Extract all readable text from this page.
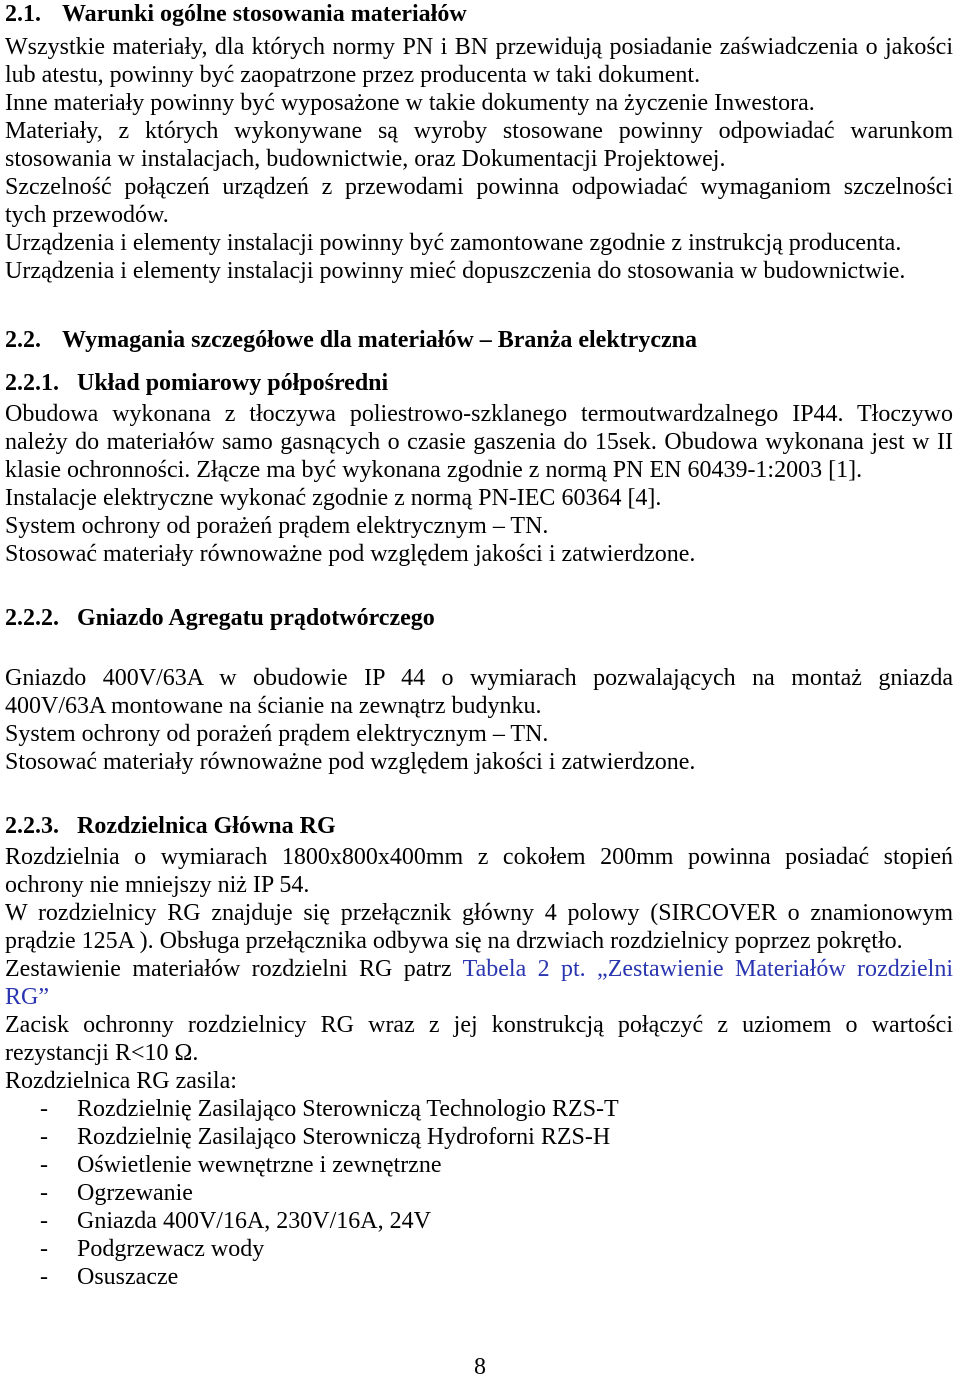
2.1. Warunki ogólne stosowania materiałów
Wszystkie materiały, dla których normy PN i BN przewidują posiadanie zaświadczenia o jakości
lub atestu, powinny być zaopatrzone przez producenta w taki dokument.
Inne materiały powinny być wyposażone w takie dokumenty na życzenie Inwestora.
Materiały, z których wykonywane są wyroby stosowane powinny odpowiadać warunkom
stosowania w instalacjach, budownictwie, oraz Dokumentacji Projektowej.
Szczelność połączeń urządzeń z przewodami powinna odpowiadać wymaganiom szczelności
tych przewodów.
Urządzenia i elementy instalacji powinny być zamontowane zgodnie z instrukcją producenta.
Urządzenia i elementy instalacji powinny mieć dopuszczenia do stosowania w budownictwie.
2.2. Wymagania szczegółowe dla materiałów – Branża elektryczna
2.2.1. Układ pomiarowy półpośredni
Obudowa wykonana z tłoczywa poliestrowo-szklanego termoutwardzalnego IP44. Tłoczywo
należy do materiałów samo gasnących o czasie gaszenia do 15sek. Obudowa wykonana jest w II
klasie ochronności. Złącze ma być wykonana zgodnie z normą PN EN 60439-1:2003 [1].
Instalacje elektryczne wykonać zgodnie z normą PN-IEC 60364 [4].
System ochrony od porażeń prądem elektrycznym – TN.
Stosować materiały równoważne pod względem jakości i zatwierdzone.
2.2.2. Gniazdo Agregatu prądotwórczego
Gniazdo 400V/63A w obudowie IP 44 o wymiarach pozwalających na montaż gniazda
400V/63A montowane na ścianie na zewnątrz budynku.
System ochrony od porażeń prądem elektrycznym – TN.
Stosować materiały równoważne pod względem jakości i zatwierdzone.
2.2.3. Rozdzielnica Główna RG
Rozdzielnia o wymiarach 1800x800x400mm z cokołem 200mm powinna posiadać stopień
ochrony nie mniejszy niż IP 54.
W rozdzielnicy RG znajduje się przełącznik główny 4 polowy (SIRCOVER o znamionowym
prądzie 125A ). Obsługa przełącznika odbywa się na drzwiach rozdzielnicy poprzez pokrętło.
Zestawienie materiałów rozdzielni RG patrz Tabela 2 pt. „Zestawienie Materiałów rozdzielni
RG”
Zacisk ochronny rozdzielnicy RG wraz z jej konstrukcją połączyć z uziomem o wartości
rezystancji R<10 Ω.
Rozdzielnica RG zasila:
- Rozdzielnię Zasilająco Sterowniczą Technologio RZS-T
- Rozdzielnię Zasilająco Sterowniczą Hydroforni RZS-H
- Oświetlenie wewnętrzne i zewnętrzne
- Ogrzewanie
- Gniazda 400V/16A, 230V/16A, 24V
- Podgrzewacz wody
- Osuszacze
8
